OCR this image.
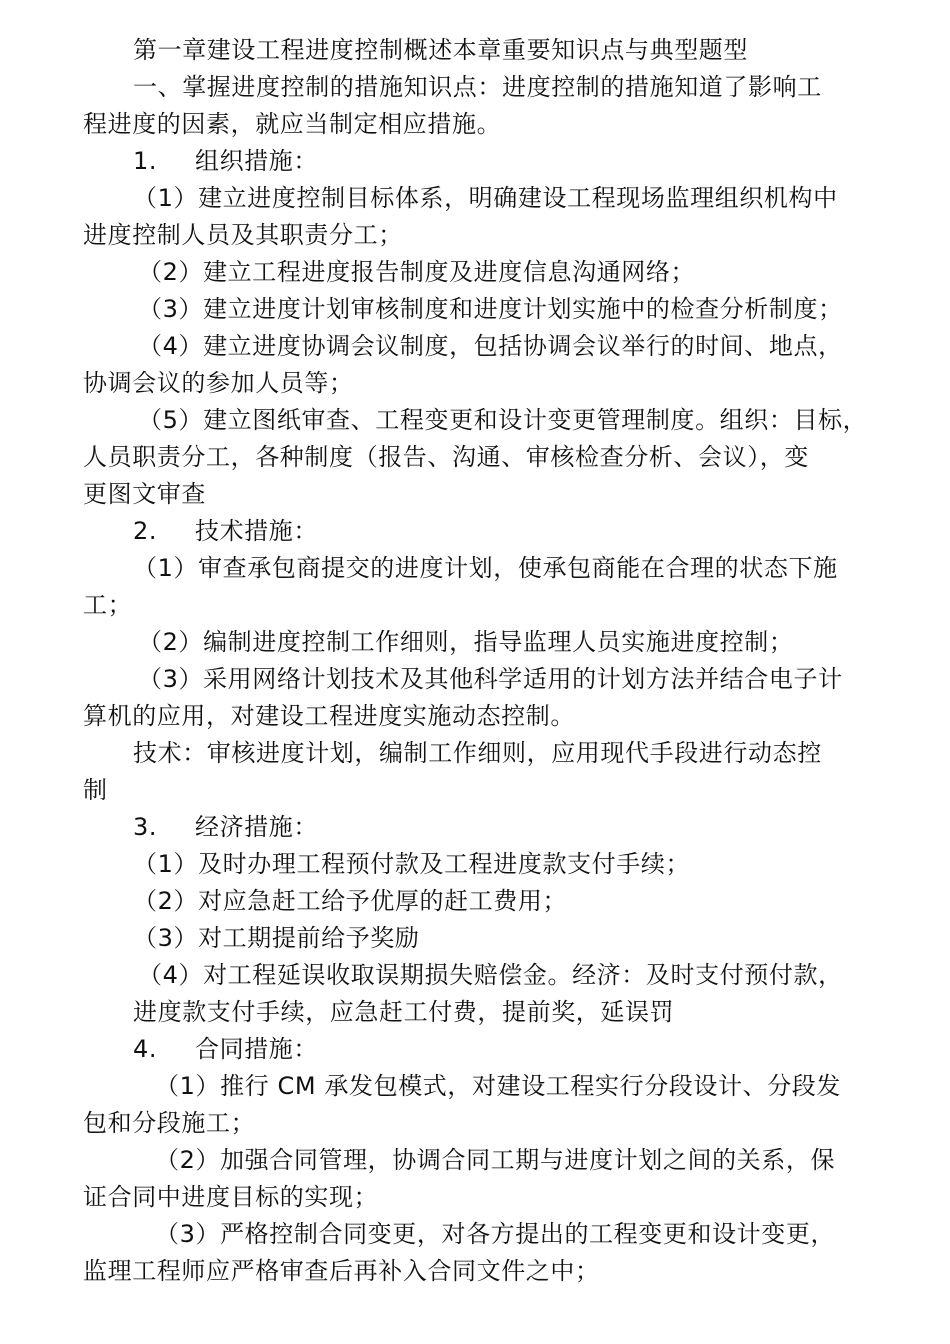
第一章建设工程进度控制概述本章重要知识点与典型题型
一、掌握进度控制的措施知识点：进度控制的措施知道了影响工
程进度的因素，就应当制定相应措施。
1. 组织措施：
（1）建立进度控制目标体系，明确建设工程现场监理组织机构中
进度控制人员及其职责分工；
（2）建立工程进度报告制度及进度信息沟通网络；
（3）建立进度计划审核制度和进度计划实施中的检查分析制度；
（4）建立进度协调会议制度，包括协调会议举行的时间、地点，
协调会议的参加人员等；
（5）建立图纸审查、工程变更和设计变更管理制度。组织：目标，
人员职责分工，各种制度（报告、沟通、审核检查分析、会议），变
更图文审查
2. 技术措施：
（1）审查承包商提交的进度计划，使承包商能在合理的状态下施
工；
（2）编制进度控制工作细则，指导监理人员实施进度控制；
（3）采用网络计划技术及其他科学适用的计划方法并结合电子计
算机的应用，对建设工程进度实施动态控制。
技术：审核进度计划，编制工作细则，应用现代手段进行动态控
制
3. 经济措施：
（1）及时办理工程预付款及工程进度款支付手续；
（2）对应急赶工给予优厚的赶工费用；
（3）对工期提前给予奖励
（4）对工程延误收取误期损失赔偿金。经济：及时支付预付款，
进度款支付手续，应急赶工付费，提前奖，延误罚
4. 合同措施：
（1）推行 CM 承发包模式，对建设工程实行分段设计、分段发
包和分段施工；
（2）加强合同管理，协调合同工期与进度计划之间的关系，保
证合同中进度目标的实现；
（3）严格控制合同变更，对各方提出的工程变更和设计变更，
监理工程师应严格审查后再补入合同文件之中；
